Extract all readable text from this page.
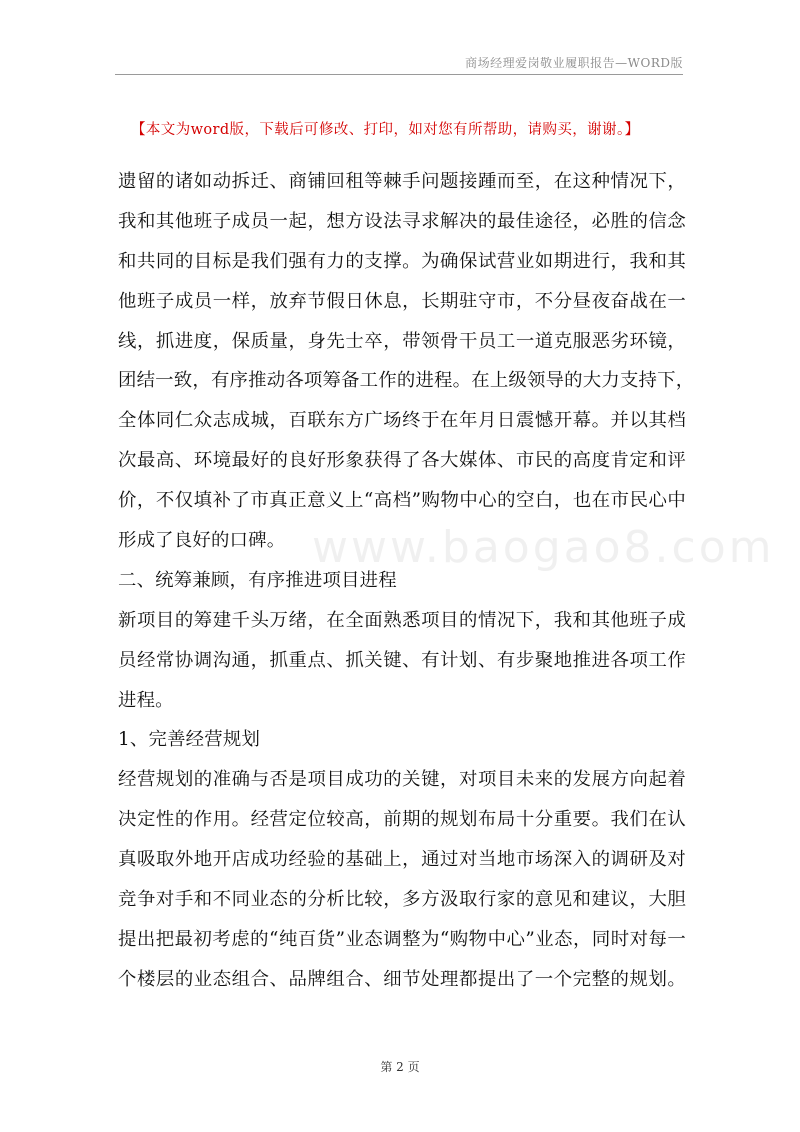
商场经理爱岗敬业履职报告—WORD版
【本文为word版，下载后可修改、打印，如对您有所帮助，请购买，谢谢。】
www.baogao8.com
遗留的诸如动拆迁、商铺回租等棘手问题接踵而至，在这种情况下，
我和其他班子成员一起，想方设法寻求解决的最佳途径，必胜的信念
和共同的目标是我们强有力的支撑。为确保试营业如期进行，我和其
他班子成员一样，放弃节假日休息，长期驻守市，不分昼夜奋战在一
线，抓进度，保质量，身先士卒，带领骨干员工一道克服恶劣环镜，
团结一致，有序推动各项筹备工作的进程。在上级领导的大力支持下，
全体同仁众志成城，百联东方广场终于在年月日震憾开幕。并以其档
次最高、环境最好的良好形象获得了各大媒体、市民的高度肯定和评
价，不仅填补了市真正意义上“高档”购物中心的空白，也在市民心中
形成了良好的口碑。
二、统筹兼顾，有序推进项目进程
新项目的筹建千头万绪，在全面熟悉项目的情况下，我和其他班子成
员经常协调沟通，抓重点、抓关键、有计划、有步聚地推进各项工作
进程。
1、完善经营规划
经营规划的准确与否是项目成功的关键，对项目未来的发展方向起着
决定性的作用。经营定位较高，前期的规划布局十分重要。我们在认
真吸取外地开店成功经验的基础上，通过对当地市场深入的调研及对
竞争对手和不同业态的分析比较，多方汲取行家的意见和建议，大胆
提出把最初考虑的“纯百货”业态调整为“购物中心”业态，同时对每一
个楼层的业态组合、品牌组合、细节处理都提出了一个完整的规划。
第 2 页
